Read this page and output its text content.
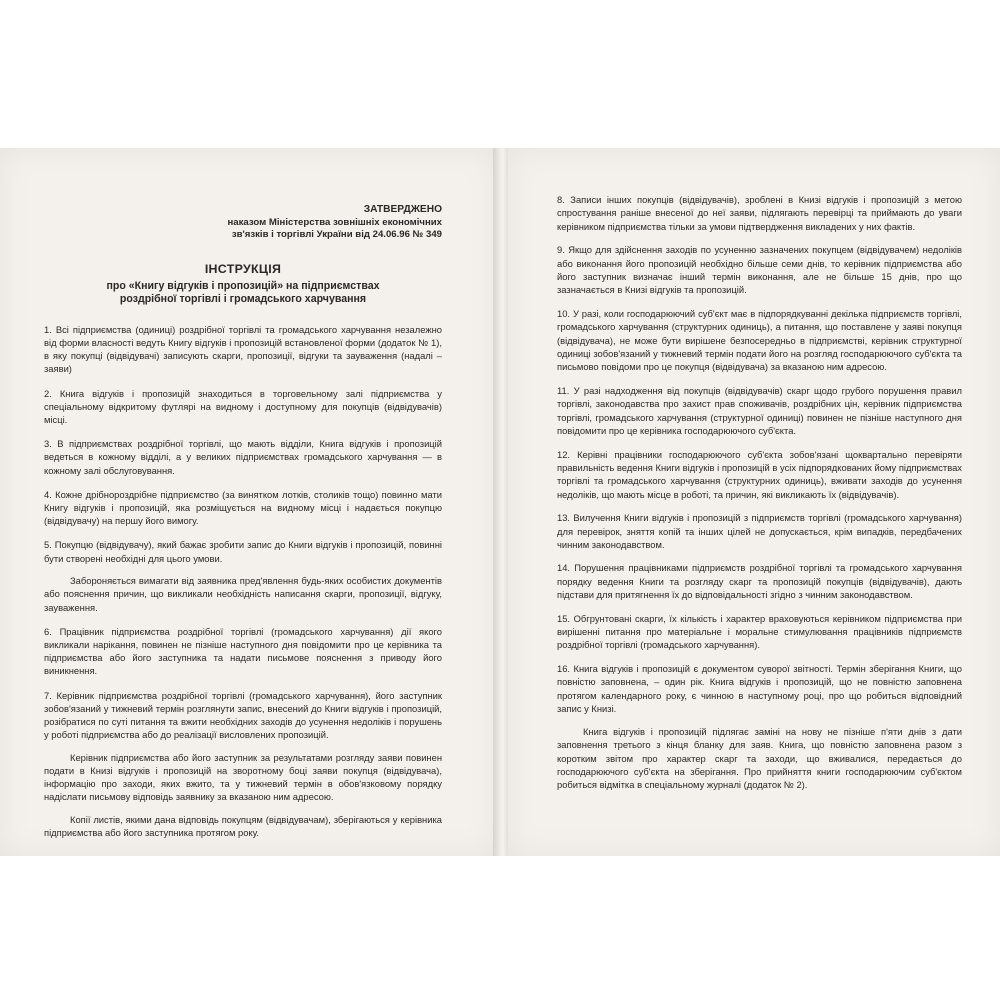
ЗАТВЕРДЖЕНО
наказом Міністерства зовнішніх економічних
зв'язків і торгівлі України від 24.06.96 № 349
ІНСТРУКЦІЯ
про «Книгу відгуків і пропозицій» на підприємствах
роздрібної торгівлі і громадського харчування

1. Всі підприємства (одиниці) роздрібної торгівлі та громадського харчування незалежно від форми власності ведуть Книгу відгуків і пропозицій встановленої форми (додаток № 1), в яку покупці (відвідувачі) записують скарги, пропозиції, відгуки та зауваження (надалі – заяви)

2. Книга відгуків і пропозицій знаходиться в торговельному залі підприємства у спеціальному відкритому футлярі на видному і доступному для покупців (відвідувачів) місці.

3. В підприємствах роздрібної торгівлі, що мають відділи, Книга відгуків і пропозицій ведеться в кожному відділі, а у великих підприємствах громадського харчування — в кожному залі обслуговування.

4. Кожне дрібнороздрібне підприємство (за винятком лотків, столиків тощо) повинно мати Книгу відгуків і пропозицій, яка розміщується на видному місці і надається покупцю (відвідувачу) на першу його вимогу.

5. Покупцю (відвідувачу), який бажає зробити запис до Книги відгуків і пропозицій, повинні бути створені необхідні для цього умови.

Забороняється вимагати від заявника пред'явлення будь-яких особистих документів або пояснення причин, що викликали необхідність написання скарги, пропозиції, відгуку, зауваження.

6. Працівник підприємства роздрібної торгівлі (громадського харчування) дії якого викликали нарікання, повинен не пізніше наступного дня повідомити про це керівника та підприємства або його заступника та надати письмове пояснення з приводу його виникнення.

7. Керівник підприємства роздрібної торгівлі (громадського харчування), його заступник зобов'язаний у тижневий термін розглянути запис, внесений до Книги відгуків і пропозицій, розібратися по суті питання та вжити необхідних заходів до усунення недоліків і порушень у роботі підприємства або до реалізації висловлених пропозицій.

Керівник підприємства або його заступник за результатами розгляду заяви повинен подати в Книзі відгуків і пропозицій на зворотному боці заяви покупця (відвідувача), інформацію про заходи, яких вжито, та у тижневий термін в обов'язковому порядку надіслати письмову відповідь заявнику за вказаною ним адресою.

Копії листів, якими дана відповідь покупцям (відвідувачам), зберігаються у керівника підприємства або його заступника протягом року.

8. Записи інших покупців (відвідувачів), зроблені в Книзі відгуків і пропозицій з метою спростування раніше внесеної до неї заяви, підлягають перевірці та приймають до уваги керівником підприємства тільки за умови підтвердження викладених у них фактів.

9. Якщо для здійснення заходів по усуненню зазначених покупцем (відвідувачем) недоліків або виконання його пропозицій необхідно більше семи днів, то керівник підприємства або його заступник визначає інший термін виконання, але не більше 15 днів, про що зазначається в Книзі відгуків та пропозицій.

10. У разі, коли господарюючий суб'єкт має в підпорядкуванні декілька підприємств торгівлі, громадського харчування (структурних одиниць), а питання, що поставлене у заяві покупця (відвідувача), не може бути вирішене безпосередньо в підприємстві, керівник структурної одиниці зобов'язаний у тижневий термін подати його на розгляд господарюючого суб'єкта та письмово повідоми про це покупця (відвідувача) за вказаною ним адресою.

11. У разі надходження від покупців (відвідувачів) скарг щодо грубого порушення правил торгівлі, законодавства про захист прав споживачів, роздрібних цін, керівник підприємства торгівлі, громадського харчування (структурної одиниці) повинен не пізніше наступного дня повідомити про це керівника господарюючого суб'єкта.

12. Керівні працівники господарюючого суб'єкта зобов'язані щоквартально перевіряти правильність ведення Книги відгуків і пропозицій в усіх підпорядкованих йому підприємствах торгівлі та громадського харчування (структурних одиниць), вживати заходів до усунення недоліків, що мають місце в роботі, та причин, які викликають їх (відвідувачів).

13. Вилучення Книги відгуків і пропозицій з підприємств торгівлі (громадського харчування) для перевірок, зняття копій та інших цілей не допускається, крім випадків, передбачених чинним законодавством.

14. Порушення працівниками підприємств роздрібної торгівлі та громадського харчування порядку ведення Книги та розгляду скарг та пропозицій покупців (відвідувачів), дають підстави для притягнення їх до відповідальності згідно з чинним законодавством.

15. Обгрунтовані скарги, їх кількість і характер враховуються керівником підприємства при вирішенні питання про матеріальне і моральне стимулювання працівників підприємств роздрібної торгівлі (громадського харчування).

16. Книга відгуків і пропозицій є документом суворої звітності. Термін зберігання Книги, що повністю заповнена, – один рік. Книга відгуків і пропозицій, що не повністю заповнена протягом календарного року, є чинною в наступному році, про що робиться відповідний запис у Книзі.

Книга відгуків і пропозицій підлягає заміні на нову не пізніше п'яти днів з дати заповнення третього з кінця бланку для заяв. Книга, що повністю заповнена разом з коротким звітом про характер скарг та заходи, що вживалися, передається до господарюючого суб'єкта на зберігання. Про прийняття книги господарюючим суб'єктом робиться відмітка в спеціальному журналі (додаток № 2).
